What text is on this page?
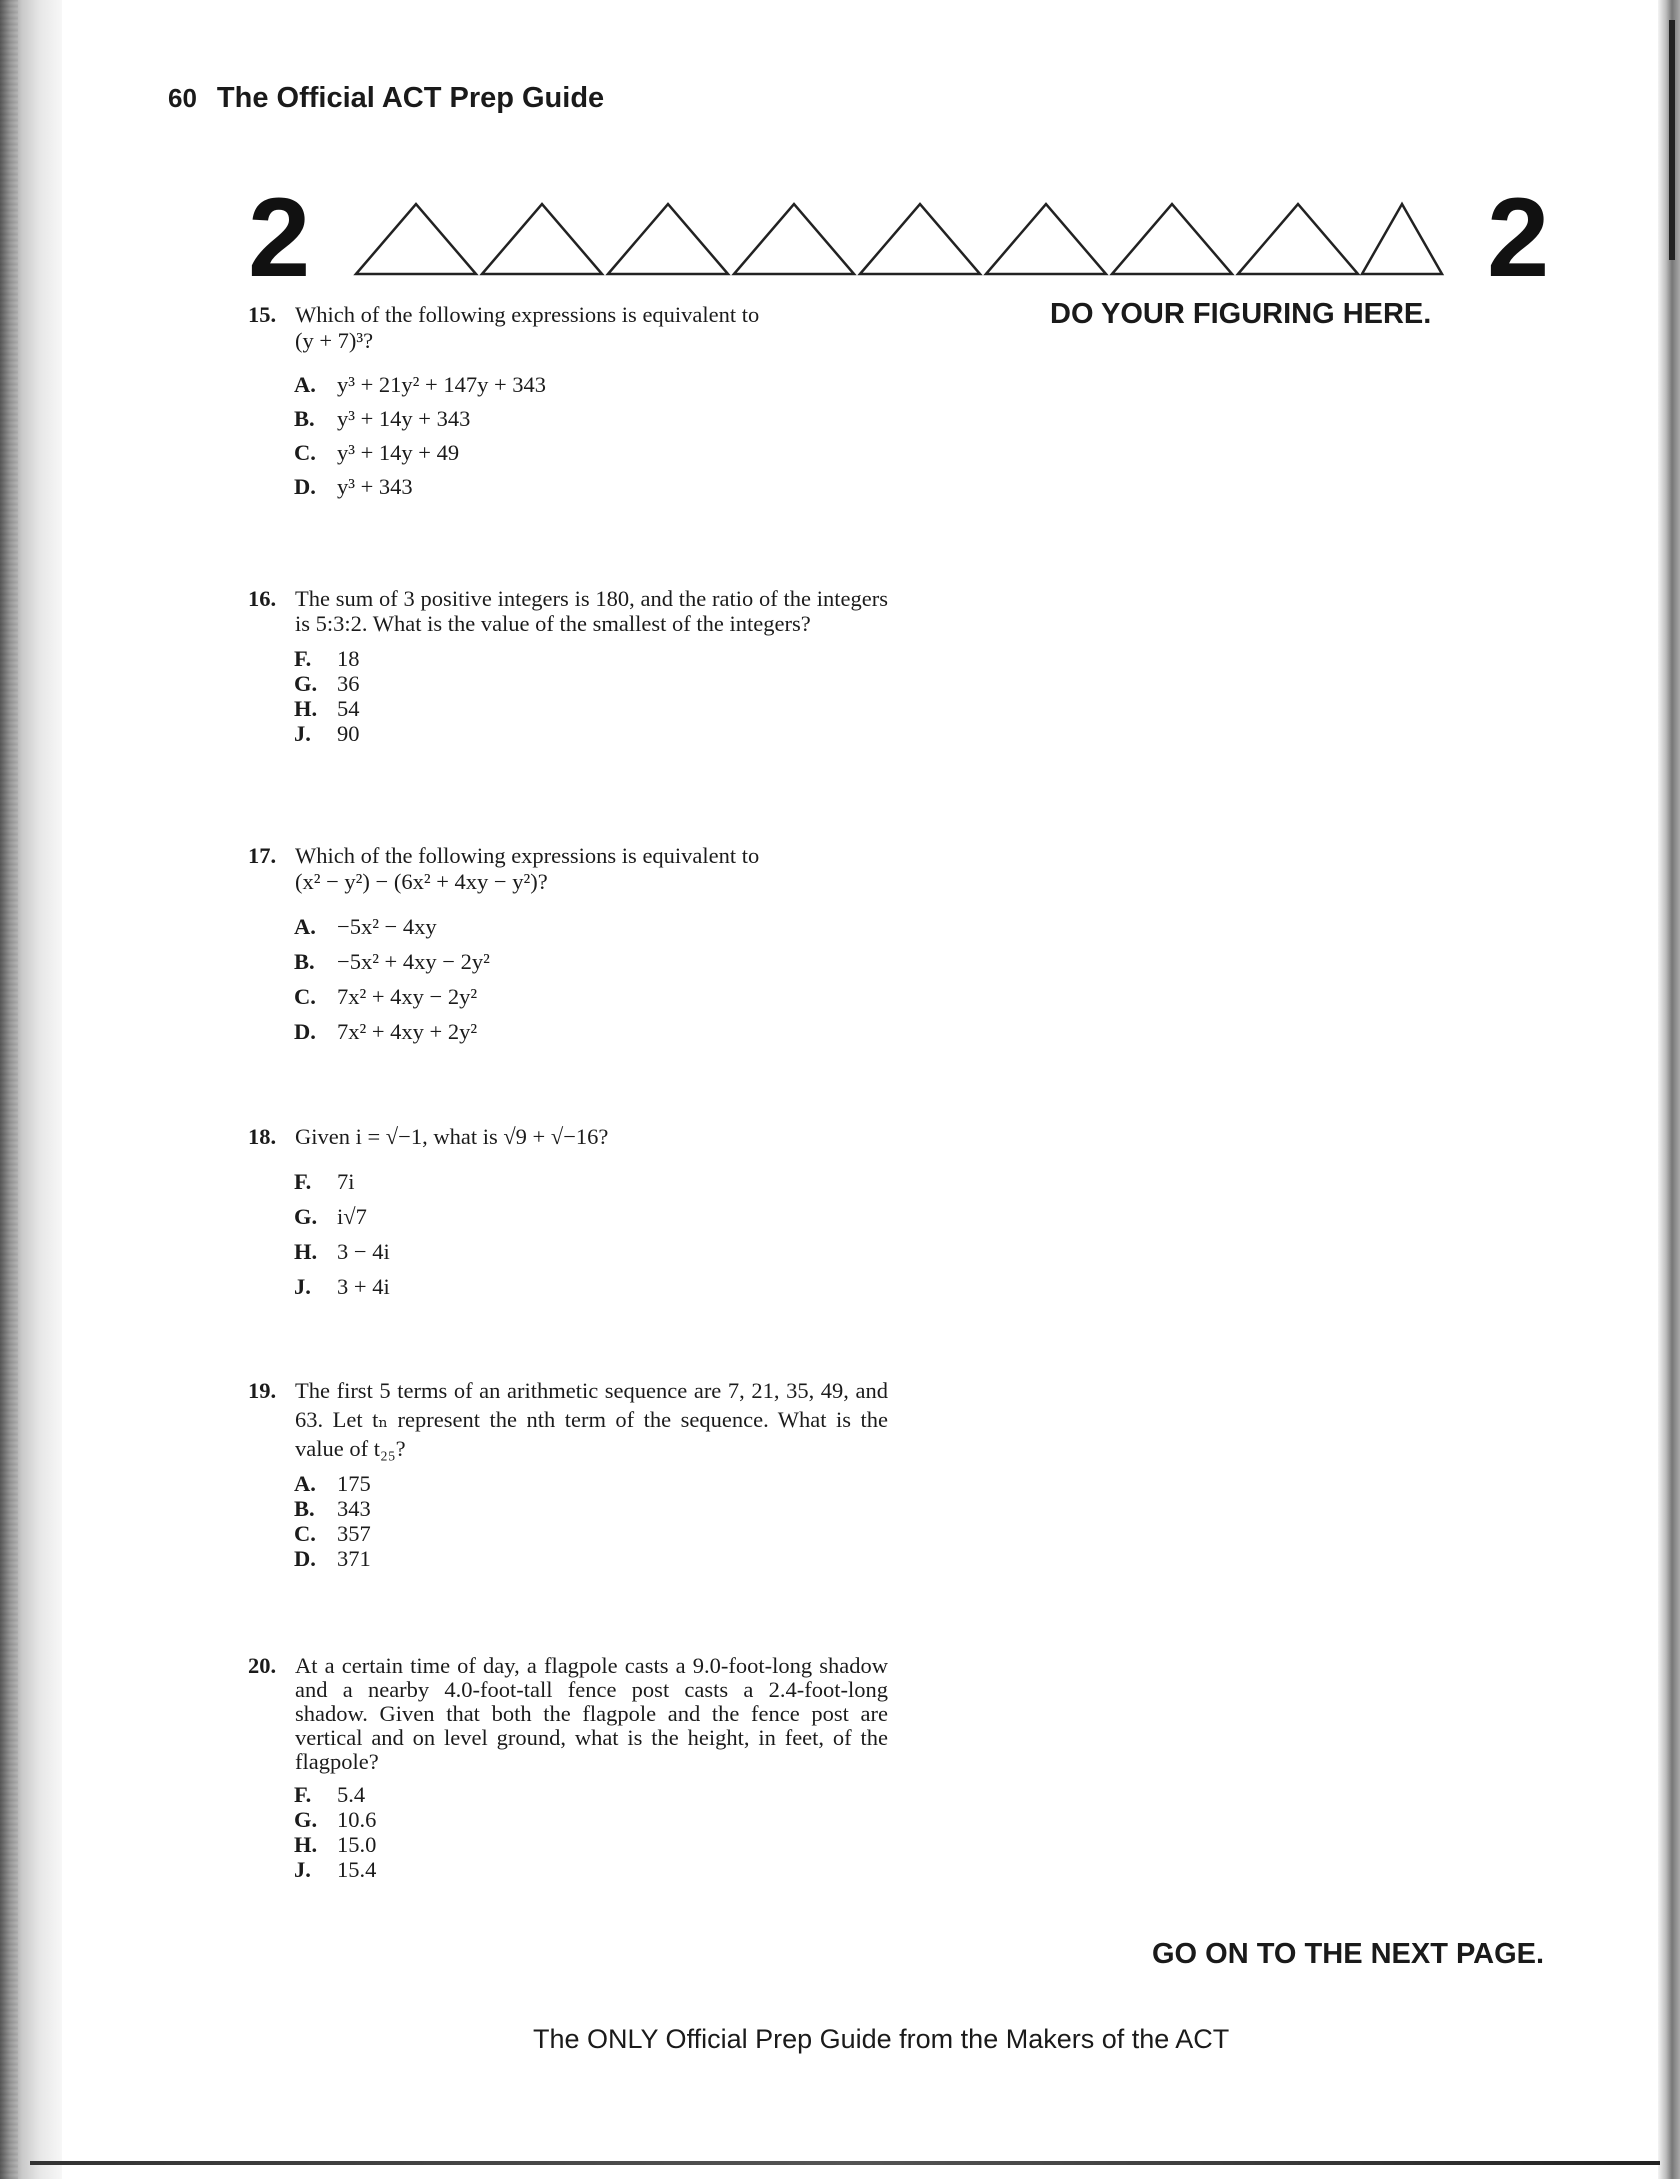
60 The Official ACT Prep Guide
2	2
DO YOUR FIGURING HERE.
15. Which of the following expressions is equivalent to
(y + 7)³?
A. y³ + 21y² + 147y + 343
B. y³ + 14y + 343
C. y³ + 14y + 49
D. y³ + 343
16. The sum of 3 positive integers is 180, and the ratio of the integers is 5:3:2. What is the value of the smallest of the integers?
F. 18
G. 36
H. 54
J. 90
17. Which of the following expressions is equivalent to
(x² − y²) − (6x² + 4xy − y²)?
A. −5x² − 4xy
B. −5x² + 4xy − 2y²
C. 7x² + 4xy − 2y²
D. 7x² + 4xy + 2y²
18. Given i = √−1, what is √9 + √−16?
F. 7i
G. i√7
H. 3 − 4i
J. 3 + 4i
19. The first 5 terms of an arithmetic sequence are 7, 21, 35, 49, and 63. Let tₙ represent the nth term of the sequence. What is the value of t₂₅?
A. 175
B. 343
C. 357
D. 371
20. At a certain time of day, a flagpole casts a 9.0-foot-long shadow and a nearby 4.0-foot-tall fence post casts a 2.4-foot-long shadow. Given that both the flagpole and the fence post are vertical and on level ground, what is the height, in feet, of the flagpole?
F. 5.4
G. 10.6
H. 15.0
J. 15.4
GO ON TO THE NEXT PAGE.
The ONLY Official Prep Guide from the Makers of the ACT
